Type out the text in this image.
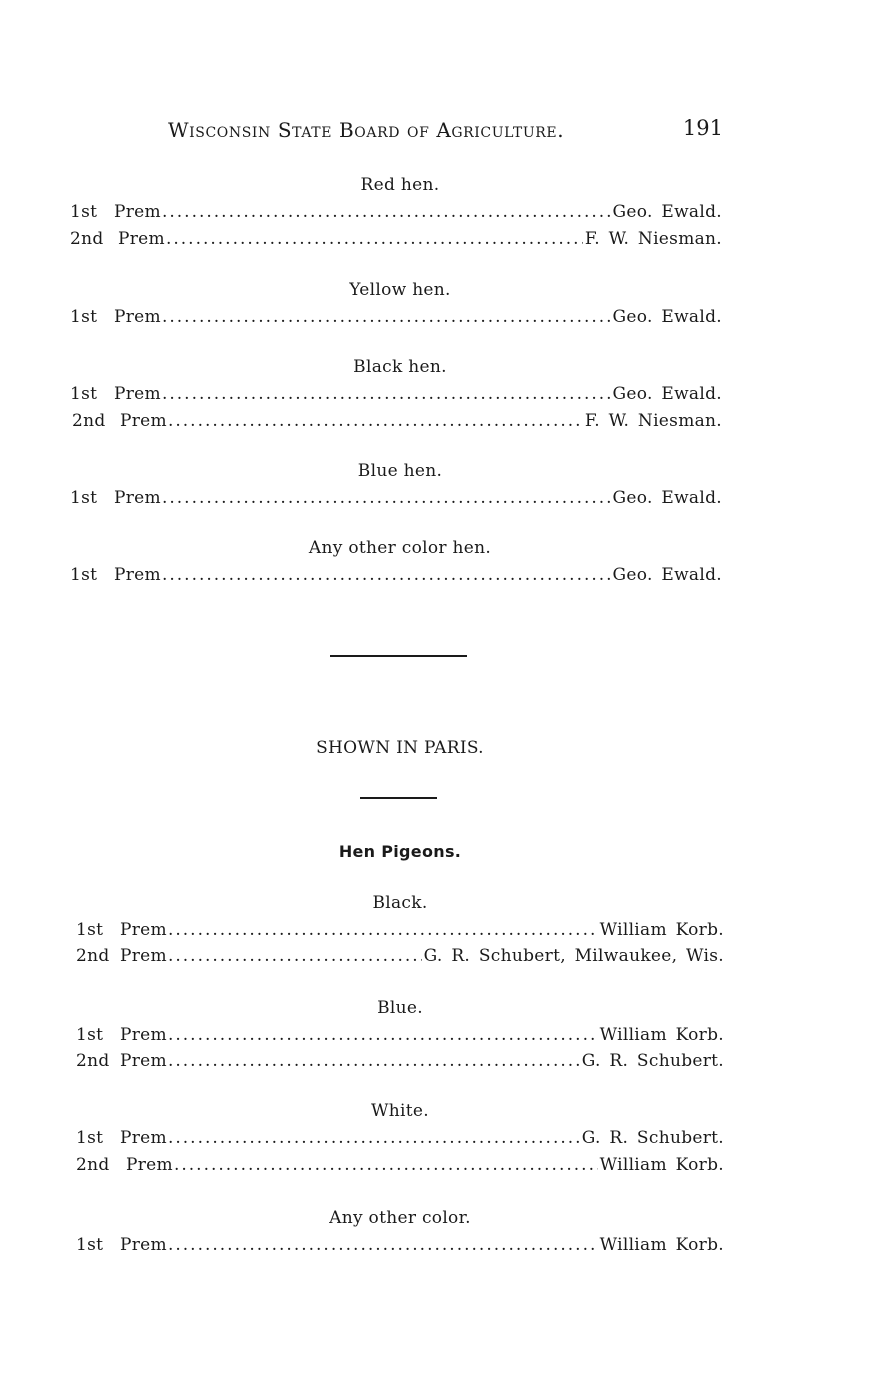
Wisconsin State Board of Agriculture.	191
Red hen.
1st Prem .....	Geo. Ewald.
2nd Prem .....	F. W. Niesman.
Yellow hen.
1st Prem .....	Geo. Ewald.
Black hen.
1st Prem .....	Geo. Ewald.
2nd Prem .....	F. W. Niesman.
Blue hen.
1st Prem .....	Geo. Ewald.
Any other color hen.
1st Prem .....	Geo. Ewald.
SHOWN IN PARIS.
Hen Pigeons.
Black.
1st Prem .....	William Korb.
2nd Prem .....	G. R. Schubert, Milwaukee, Wis.
Blue.
1st Prem .....	William Korb.
2nd Prem .....	G. R. Schubert.
White.
1st Prem .....	G. R. Schubert.
2nd Prem .....	William Korb.
Any other color.
1st Prem .....	William Korb.
